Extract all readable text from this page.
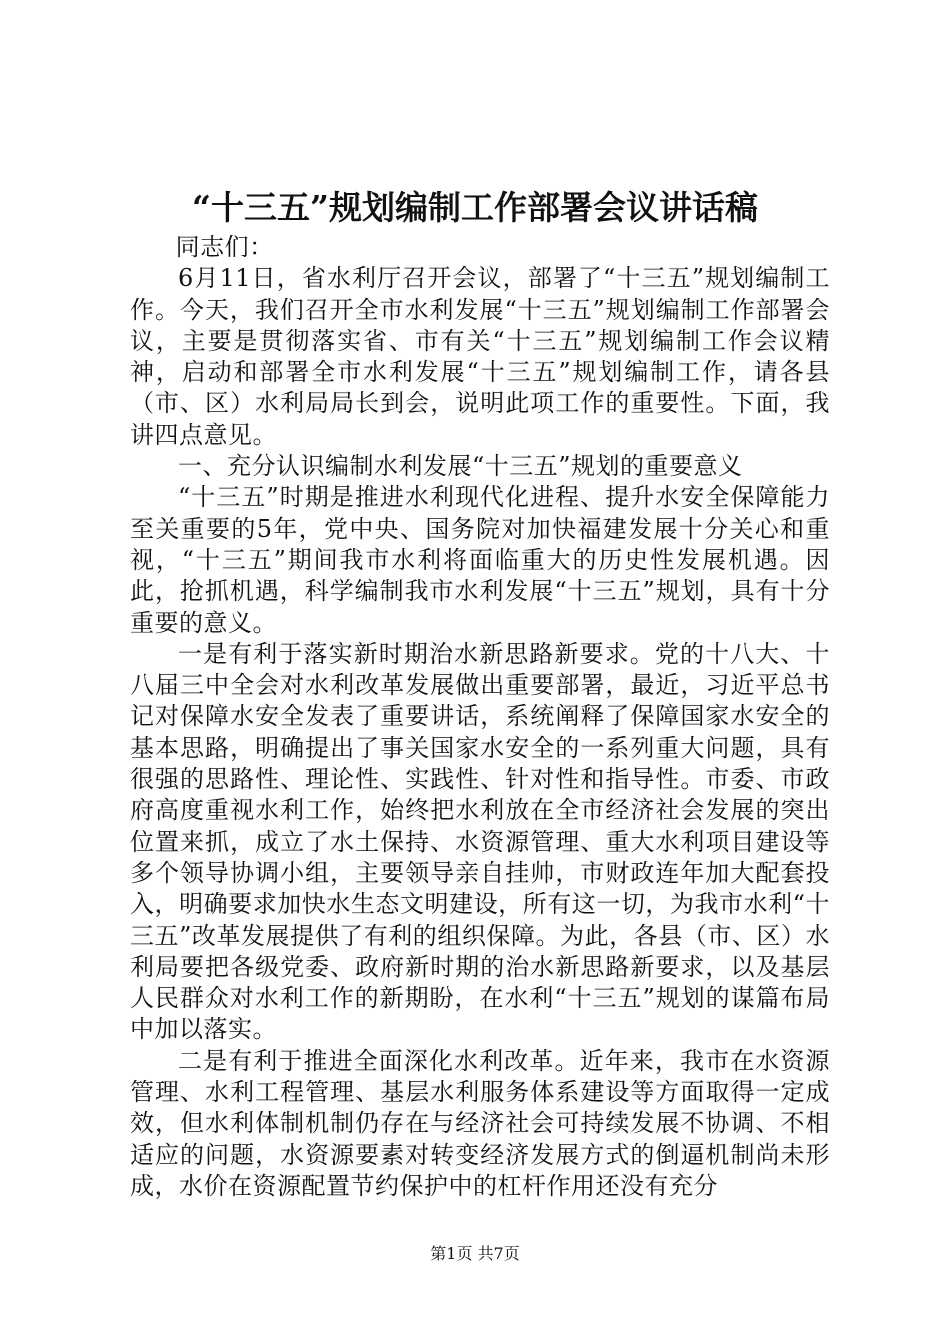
“十三五”规划编制工作部署会议讲话稿

同志们：

6月11日，省水利厅召开会议，部署了“十三五”规划编制工作。今天，我们召开全市水利发展“十三五”规划编制工作部署会议，主要是贯彻落实省、市有关“十三五”规划编制工作会议精神，启动和部署全市水利发展“十三五”规划编制工作，请各县（市、区）水利局局长到会，说明此项工作的重要性。下面，我讲四点意见。

一、充分认识编制水利发展“十三五”规划的重要意义

“十三五”时期是推进水利现代化进程、提升水安全保障能力至关重要的5年，党中央、国务院对加快福建发展十分关心和重视，“十三五”期间我市水利将面临重大的历史性发展机遇。因此，抢抓机遇，科学编制我市水利发展“十三五”规划，具有十分重要的意义。

一是有利于落实新时期治水新思路新要求。党的十八大、十八届三中全会对水利改革发展做出重要部署，最近，习近平总书记对保障水安全发表了重要讲话，系统阐释了保障国家水安全的基本思路，明确提出了事关国家水安全的一系列重大问题，具有很强的思路性、理论性、实践性、针对性和指导性。市委、市政府高度重视水利工作，始终把水利放在全市经济社会发展的突出位置来抓，成立了水土保持、水资源管理、重大水利项目建设等多个领导协调小组，主要领导亲自挂帅，市财政连年加大配套投入，明确要求加快水生态文明建设，所有这一切，为我市水利“十三五”改革发展提供了有利的组织保障。为此，各县（市、区）水利局要把各级党委、政府新时期的治水新思路新要求，以及基层人民群众对水利工作的新期盼，在水利“十三五”规划的谋篇布局中加以落实。

二是有利于推进全面深化水利改革。近年来，我市在水资源管理、水利工程管理、基层水利服务体系建设等方面取得一定成效，但水利体制机制仍存在与经济社会可持续发展不协调、不相适应的问题，水资源要素对转变经济发展方式的倒逼机制尚未形成，水价在资源配置节约保护中的杠杆作用还没有充分

第1页 共7页
